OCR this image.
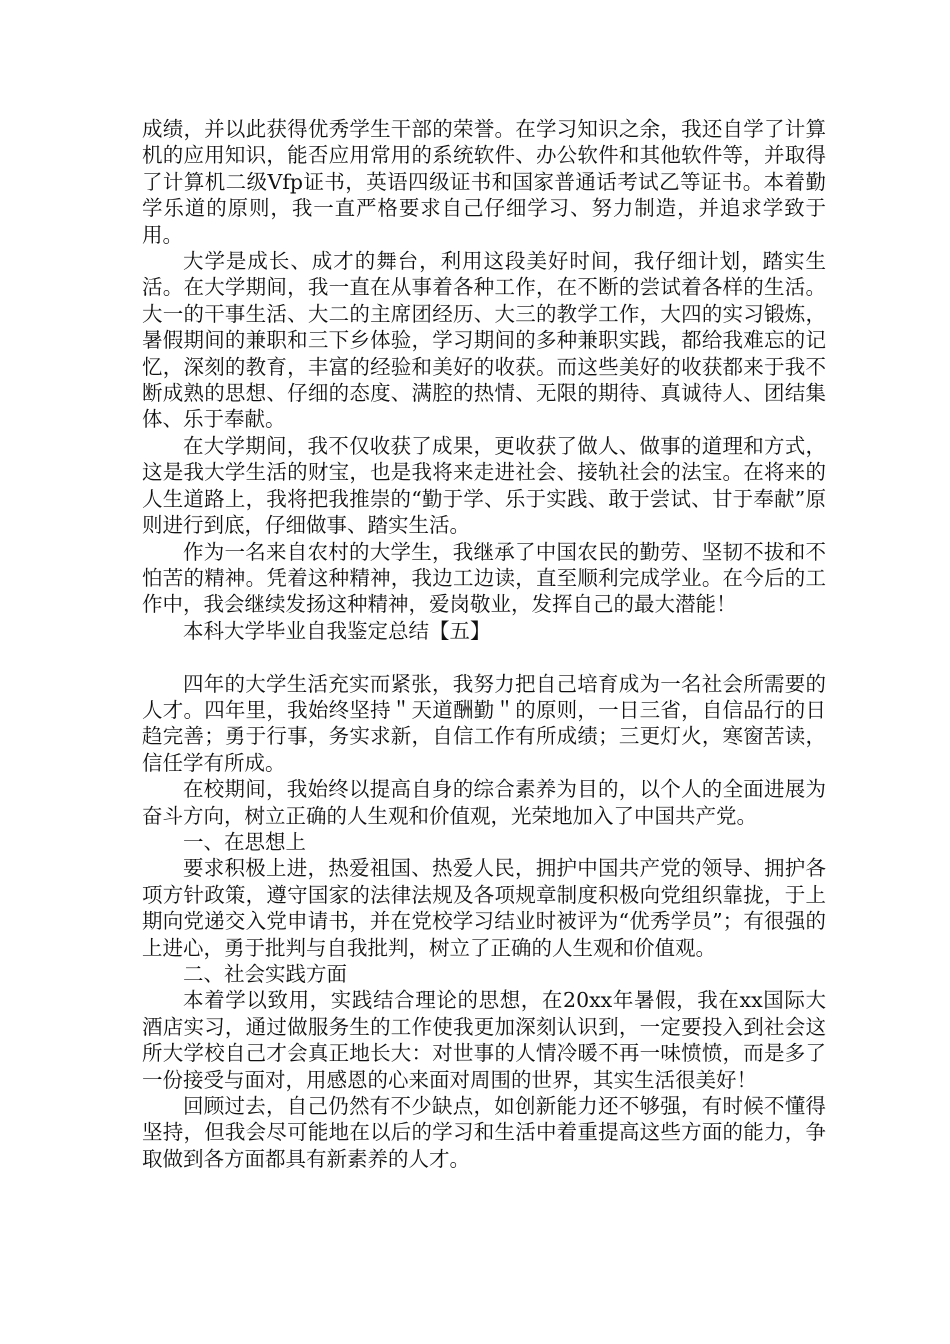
成绩，并以此获得优秀学生干部的荣誉。在学习知识之余，我还自学了计算机的应用知识，能否应用常用的系统软件、办公软件和其他软件等，并取得了计算机二级Vfp证书，英语四级证书和国家普通话考试乙等证书。本着勤学乐道的原则，我一直严格要求自己仔细学习、努力制造，并追求学致于用。

大学是成长、成才的舞台，利用这段美好时间，我仔细计划，踏实生活。在大学期间，我一直在从事着各种工作，在不断的尝试着各样的生活。大一的干事生活、大二的主席团经历、大三的教学工作，大四的实习锻炼，暑假期间的兼职和三下乡体验，学习期间的多种兼职实践，都给我难忘的记忆，深刻的教育，丰富的经验和美好的收获。而这些美好的收获都来于我不断成熟的思想、仔细的态度、满腔的热情、无限的期待、真诚待人、团结集体、乐于奉献。

在大学期间，我不仅收获了成果，更收获了做人、做事的道理和方式，这是我大学生活的财宝，也是我将来走进社会、接轨社会的法宝。在将来的人生道路上，我将把我推崇的“勤于学、乐于实践、敢于尝试、甘于奉献”原则进行到底，仔细做事、踏实生活。

作为一名来自农村的大学生，我继承了中国农民的勤劳、坚韧不拔和不怕苦的精神。凭着这种精神，我边工边读，直至顺利完成学业。在今后的工作中，我会继续发扬这种精神，爱岗敬业，发挥自己的最大潜能！

本科大学毕业自我鉴定总结【五】

四年的大学生活充实而紧张，我努力把自己培育成为一名社会所需要的人才。四年里，我始终坚持＂天道酬勤＂的原则，一日三省，自信品行的日趋完善；勇于行事，务实求新，自信工作有所成绩；三更灯火，寒窗苦读，信任学有所成。

在校期间，我始终以提高自身的综合素养为目的，以个人的全面进展为奋斗方向，树立正确的人生观和价值观，光荣地加入了中国共产党。

一、在思想上

要求积极上进，热爱祖国、热爱人民，拥护中国共产党的领导、拥护各项方针政策，遵守国家的法律法规及各项规章制度积极向党组织靠拢，于上期向党递交入党申请书，并在党校学习结业时被评为“优秀学员”；有很强的上进心，勇于批判与自我批判，树立了正确的人生观和价值观。

二、社会实践方面

本着学以致用，实践结合理论的思想，在20xx年暑假，我在xx国际大酒店实习，通过做服务生的工作使我更加深刻认识到，一定要投入到社会这所大学校自己才会真正地长大：对世事的人情冷暖不再一味愤愤，而是多了一份接受与面对，用感恩的心来面对周围的世界，其实生活很美好！

回顾过去，自己仍然有不少缺点，如创新能力还不够强，有时候不懂得坚持，但我会尽可能地在以后的学习和生活中着重提高这些方面的能力，争取做到各方面都具有新素养的人才。
